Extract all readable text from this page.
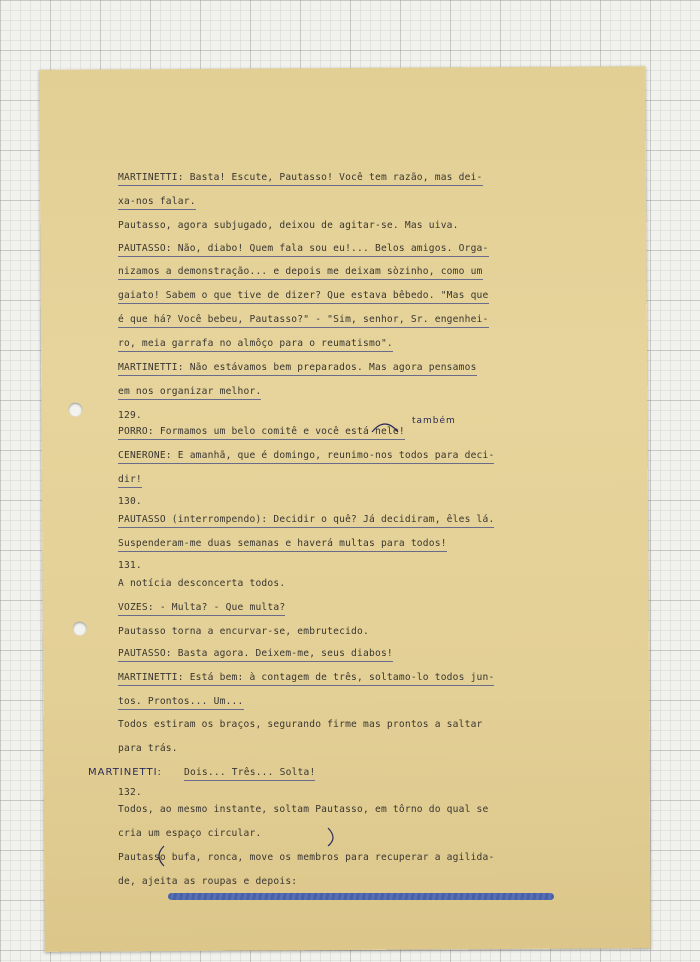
MARTINETTI: Basta! Escute, Pautasso! Você tem razão, mas dei-

xa-nos falar.

Pautasso, agora subjugado, deixou de agitar-se. Mas uiva.

PAUTASSO: Não, diabo! Quem fala sou eu!... Belos amigos. Orga-

nizamos a demonstração... e depois me deixam sòzinho, como um

gaiato! Sabem o que tive de dizer? Que estava bêbedo. "Mas que

é que há? Você bebeu, Pautasso?" - "Sim, senhor, Sr. engenhei-

ro, meia garrafa no almôço para o reumatismo".

MARTINETTI: Não estávamos bem preparados. Mas agora pensamos

em nos organizar melhor.

129.

PORRO: Formamos um belo comitê e você está nele!

CENERONE: E amanhã, que é domingo, reunimo-nos todos para deci-

dir!

130.

PAUTASSO (interrompendo): Decidir o quê? Já decidiram, êles lá.

Suspenderam-me duas semanas e haverá multas para todos!

131.

A notícia desconcerta todos.

VOZES: - Multa? - Que multa?

Pautasso torna a encurvar-se, embrutecido.

PAUTASSO: Basta agora. Deixem-me, seus diabos!

MARTINETTI: Está bem: à contagem de três, soltamo-lo todos jun-

tos. Prontos... Um...

Todos estiram os braços, segurando firme mas prontos a saltar

para trás.

Dois... Três... Solta!

132.

Todos, ao mesmo instante, soltam Pautasso, em tôrno do qual se

cria um espaço circular.

Pautasso bufa, ronca, move os membros para recuperar a agilida-

de, ajeita as roupas e depois:

também
MARTINETTI:
